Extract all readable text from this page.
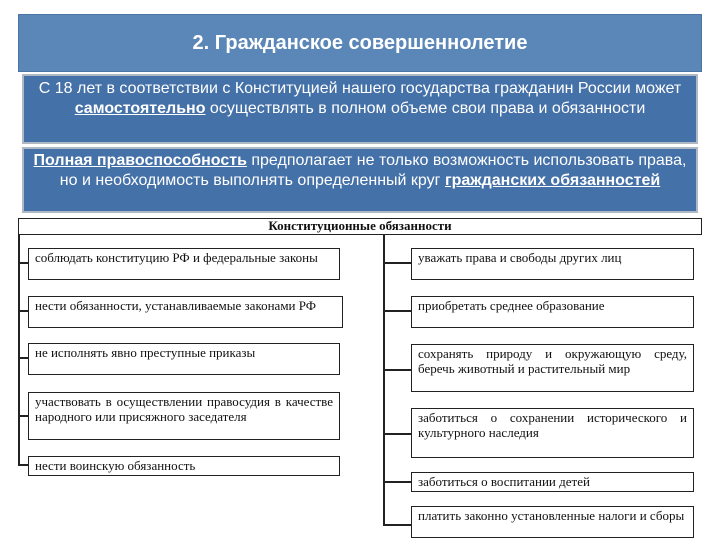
2. Гражданское совершеннолетие
С 18 лет в соответствии с Конституцией нашего государства гражданин России может самостоятельно осуществлять в полном объеме свои права и обязанности
Полная правоспособность предполагает не только возможность использовать права, но и необходимость выполнять определенный круг гражданских обязанностей
Конституционные обязанности
соблюдать конституцию РФ и федеральные законы
нести обязанности, устанавливаемые законами РФ
не исполнять явно преступные приказы
участвовать в осуществлении правосудия в качестве народного или присяжного заседателя
нести воинскую обязанность
уважать права и свободы других лиц
приобретать среднее образование
сохранять природу и окружающую среду, беречь животный и растительный мир
заботиться о сохранении исторического и культурного наследия
заботиться о воспитании детей
платить законно установленные налоги и сборы
